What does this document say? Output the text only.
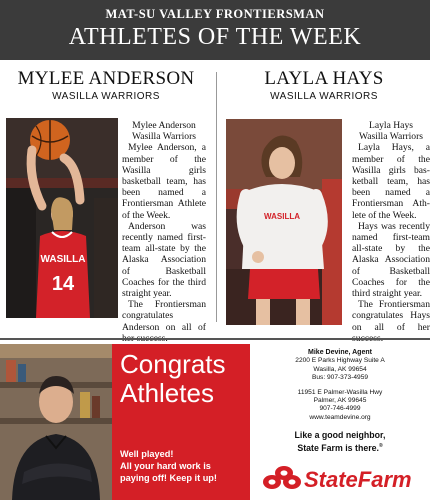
MAT-SU VALLEY FRONTIERSMAN
ATHLETES OF THE WEEK
MYLEE ANDERSON
WASILLA WARRIORS
WASILLA
14
Mylee Anderson
Wasilla Warriors

Mylee Anderson, a member of the Wasilla girls basketball team, has been named a Frontiersman Athlete of the Week.

Anderson was recently named first-team all-state by the Alaska Association of Basketball Coaches for the third straight year.

The Frontiersman congratulates Anderson on all of

LAYLA HAYS
WASILLA WARRIORS
WASILLA
Layla Hays
Wasilla Warriors

Layla Hays, a member of the Wasilla girls basketball team, has been named a Frontiersman Athlete of the Week.

Hays was recently named first-team all-state by the Alaska Association of Basketball Coaches for the third straight year.

The Frontiersman congratulates Hays on all of her

Congrats
Athletes
Well played!
All your hard work is
paying off! Keep it up!
Mike Devine, Agent
2200 E Parks Highway Suite A
Wasilla, AK 99654
Bus: 907-373-4959
11951 E Palmer-Wasilla Hwy
Palmer, AK 99645
907-746-4999
www.teamdevine.org
Like a good neighbor,
State Farm is there.®
StateFarm
